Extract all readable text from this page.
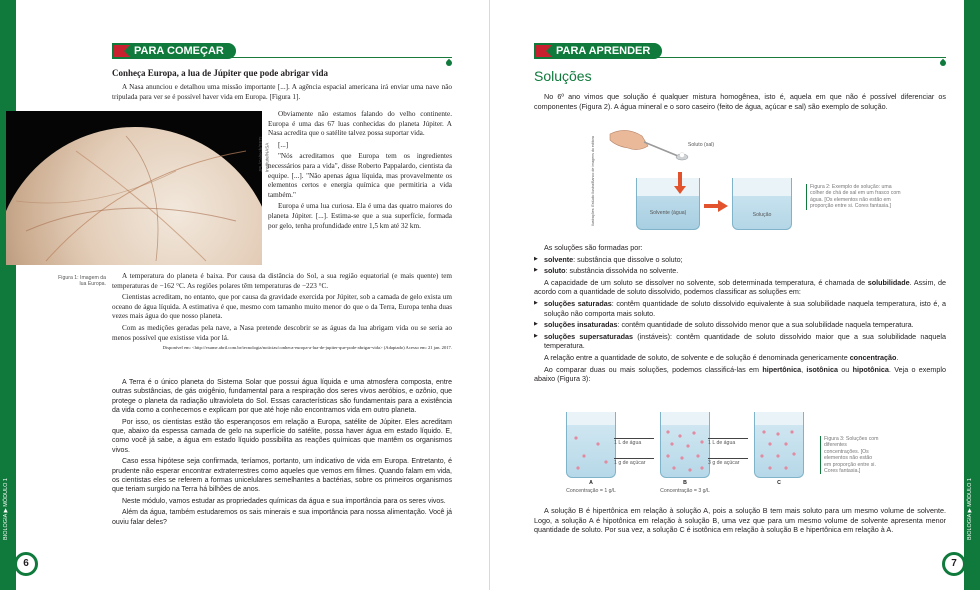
BIOLOGIA ▶ MÓDULO 1
6
PARA COMEÇAR
Conheça Europa, a lua de Júpiter que pode abrigar vida

A Nasa anunciou e detalhou uma missão importante [...]. A agência espacial americana irá enviar uma nave não tripulada para ver se é possível haver vida em Europa. [Figura 1].

JPL/Caltech/SETI Institute/NASA
Figura 1: Imagem da lua Europa.

Obviamente não estamos falando do velho continente. Europa é uma das 67 luas conhecidas do planeta Júpiter. A Nasa acredita que o satélite talvez possa suportar vida.

[...]

"Nós acreditamos que Europa tem os ingredientes necessários para a vida", disse Roberto Pappalardo, cientista da equipe. [...]. "Não apenas água líquida, mas provavelmente os elementos certos e energia química que permitiria a vida também."

Europa é uma lua curiosa. Ela é uma das quatro maiores do planeta Júpiter. [...]. Estima-se que a sua superfície, formada por gelo, tenha profundidade entre 1,5 km até 32 km.

A temperatura do planeta é baixa. Por causa da distância do Sol, a sua região equatorial (e mais quente) tem temperaturas de −162 °C. As regiões polares têm temperaturas de −223 °C.

Cientistas acreditam, no entanto, que por causa da gravidade exercida por Júpiter, sob a camada de gelo exista um oceano de água líquida. A estimativa é que, mesmo com tamanho muito menor do que o da Terra, Europa tenha duas vezes mais água do que nosso planeta.

Com as medições geradas pela nave, a Nasa pretende descobrir se as águas da lua abrigam vida ou se seria ao menos possível que existisse vida por lá.

Disponível em: <http://exame.abril.com.br/tecnologia/noticias/conheca-europa-a-lua-de-jupiter-que-pode-abrigar-vida> (Adaptado) Acesso em: 21 jan. 2017.

A Terra é o único planeta do Sistema Solar que possui água líquida e uma atmosfera composta, entre outras substâncias, de gás oxigênio, fundamental para a respiração dos seres vivos aeróbios, e ozônio, que protege o planeta da radiação ultravioleta do Sol. Essas características são fundamentais para a existência da vida como a conhecemos e explicam por que até hoje não encontramos vida em outro planeta.

Por isso, os cientistas estão tão esperançosos em relação a Europa, satélite de Júpiter. Eles acreditam que, abaixo da espessa camada de gelo na superfície do satélite, possa haver água em estado líquido. E, como você já sabe, a água em estado líquido possibilita as reações químicas que mantêm os organismos vivos.

Caso essa hipótese seja confirmada, teríamos, portanto, um indicativo de vida em Europa. Entretanto, é prudente não esperar encontrar extraterrestres como aqueles que vemos em filmes. Quando falam em vida, os cientistas eles se referem a formas unicelulares semelhantes a bactérias, sobre os primeiros organismos que teriam surgido na Terra há bilhões de anos.

Neste módulo, vamos estudar as propriedades químicas da água e sua importância para os seres vivos.

Além da água, também estudaremos os sais minerais e sua importância para nossa alimentação. Você já ouviu falar deles?	BIOLOGIA ▶ MÓDULO 1
7
PARA APRENDER
Soluções

No 6º ano vimos que solução é qualquer mistura homogênea, isto é, aquela em que não é possível diferenciar os componentes (Figura 2). A água mineral e o soro caseiro (feito de água, açúcar e sal) são exemplo de solução.

Ilustrações: Estúdio Ilustra/Banco de imagens do editora	Soluto (sal)
Solvente (água)	Solução
Figura 2: Exemplo de solução: uma colher de chá de sal em um frasco com água. [Os elementos não estão em proporção entre si. Cores fantasia.]

As soluções são formadas por:

▶ solvente: substância que dissolve o soluto;

▶ soluto: substância dissolvida no solvente.

A capacidade de um soluto se dissolver no solvente, sob determinada temperatura, é chamada de solubilidade. Assim, de acordo com a quantidade de soluto dissolvido, podemos classificar as soluções em:

▶ soluções saturadas: contêm quantidade de soluto dissolvido equivalente à sua solubilidade naquela temperatura, isto é, a solução não comporta mais soluto.

▶ soluções insaturadas: contêm quantidade de soluto dissolvido menor que a sua solubilidade naquela temperatura.

▶ soluções supersaturadas (instáveis): contêm quantidade de soluto dissolvido maior que a sua solubilidade naquela temperatura.

A relação entre a quantidade de soluto, de solvente e de solução é denominada genericamente concentração.

Ao comparar duas ou mais soluções, podemos classificá-las em hipertônica, isotônica ou hipotônica. Veja o exemplo abaixo (Figura 3):

1 L de água
1 g de açúcar
A
Concentração = 1 g/L
1 L de água
3 g de açúcar
B
Concentração = 3 g/L
C
Figura 3: Soluções com diferentes concentrações. [Os elementos não estão em proporção entre si. Cores fantasia.]

A solução B é hipertônica em relação à solução A, pois a solução B tem mais soluto para um mesmo volume de solvente. Logo, a solução A é hipotônica em relação à solução B, uma vez que para um mesmo volume de solvente apresenta menor quantidade de soluto. Por sua vez, a solução C é isotônica em relação à solução B e hipertônica em relação à A.
